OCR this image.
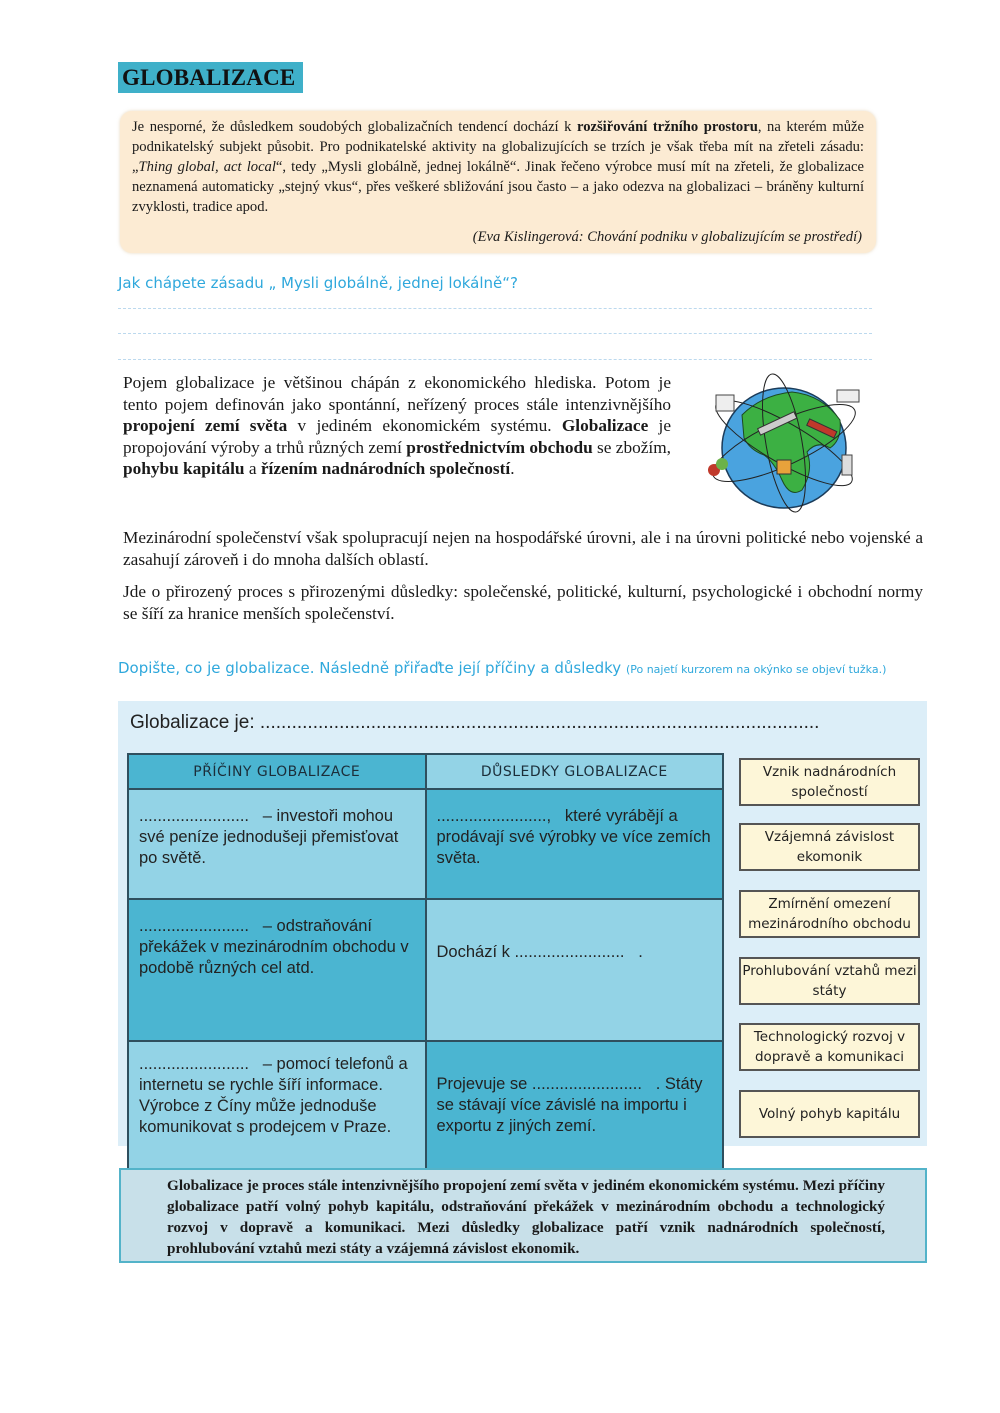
GLOBALIZACE

Je nesporné, že důsledkem soudobých globalizačních tendencí dochází k rozšiřování tržního prostoru, na kterém může podnikatelský subjekt působit. Pro podnikatelské aktivity na globalizujících se trzích je však třeba mít na zřeteli zásadu: „Thing global, act local“, tedy „Mysli globálně, jednej lokálně“. Jinak řečeno výrobce musí mít na zřeteli, že globalizace neznamená automaticky „stejný vkus“, přes veškeré sbližování jsou často – a jako odezva na globalizaci – bráněny kulturní zvyklosti, tradice apod.

(Eva Kislingerová: Chování podniku v globalizujícím se prostředí)
Jak chápete zásadu „ Mysli globálně, jednej lokálně“?
Pojem globalizace je většinou chápán z ekonomického hlediska. Potom je tento pojem definován jako spontánní, neřízený proces stále intenzivnějšího propojení zemí světa v jediném ekonomickém systému. Globalizace je propojování výroby a trhů různých zemí prostřednictvím obchodu se zbožím, pohybu kapitálu a řízením nadnárodních společností.
Mezinárodní společenství však spolupracují nejen na hospodářské úrovni, ale i na úrovni politické nebo vojenské a zasahují zároveň i do mnoha dalších oblastí.
Jde o přirozený proces s přirozenými důsledky: společenské, politické, kulturní, psychologické i obchodní normy se šíří za hranice menších společenství.
Dopište, co je globalizace. Následně přiřaďte její příčiny a důsledky (Po najetí kurzorem na okýnko se objeví tužka.)
Globalizace je: ..........................................................................................................
PŘÍČINY GLOBALIZACE	DŮSLEDKY GLOBALIZACE
........................ – investoři mohou své peníze jednodušeji přemisťovat po světě.	........................, které vyrábějí a prodávají své výrobky ve více zemích světa.
........................ – odstraňování překážek v mezinárodním obchodu v podobě různých cel atd.	Dochází k ........................ .
........................ – pomocí telefonů a internetu se rychle šíří informace. Výrobce z Číny může jednoduše komunikovat s prodejcem v Praze.	Projevuje se ........................ . Státy se stávají více závislé na importu i exportu z jiných zemí.
Vznik nadnárodních společností
Vzájemná závislost ekomonik
Zmírnění omezení mezinárodního obchodu
Prohlubování vztahů mezi státy
Technologický rozvoj v dopravě a komunikaci
Volný pohyb kapitálu
Globalizace je proces stále intenzivnějšího propojení zemí světa v jediném ekonomickém systému. Mezi příčiny globalizace patří volný pohyb kapitálu, odstraňování překážek v mezinárodním obchodu a technologický rozvoj v dopravě a komunikaci. Mezi důsledky globalizace patří vznik nadnárodních společností, prohlubování vztahů mezi státy a vzájemná závislost ekonomik.
